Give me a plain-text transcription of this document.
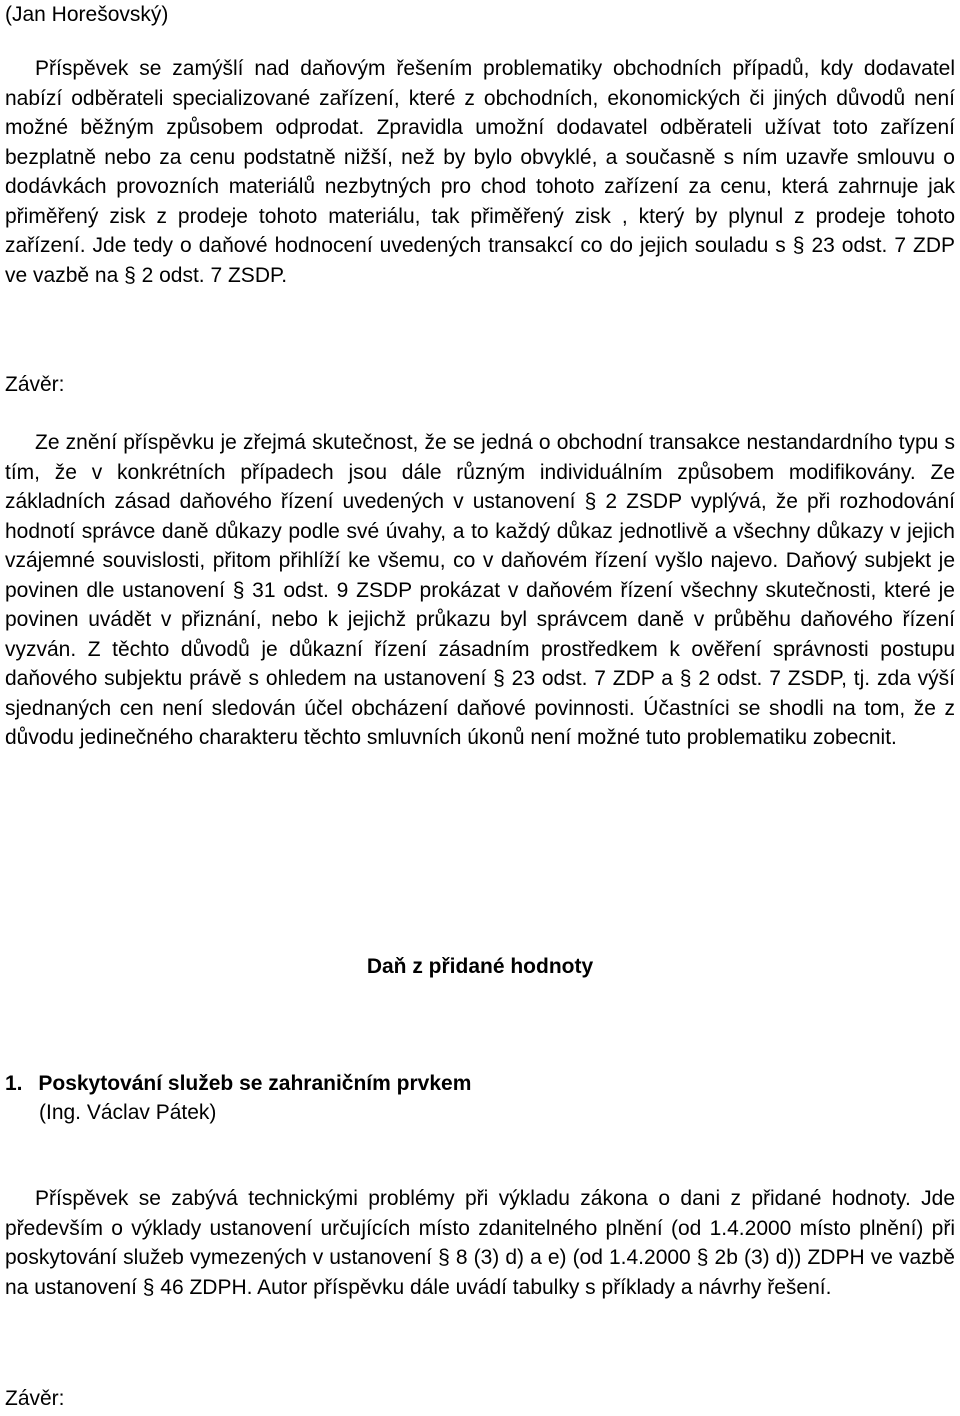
(Jan Horešovský)
Příspěvek se zamýšlí nad daňovým řešením problematiky obchodních případů, kdy dodavatel nabízí odběrateli specializované zařízení, které z obchodních, ekonomických či jiných důvodů není možné běžným způsobem odprodat. Zpravidla umožní dodavatel odběrateli užívat toto zařízení bezplatně nebo za cenu podstatně nižší, než by bylo obvyklé, a současně s ním uzavře smlouvu o dodávkách provozních materiálů nezbytných pro chod tohoto zařízení za cenu, která zahrnuje jak přiměřený zisk z prodeje tohoto materiálu, tak přiměřený zisk , který by plynul z prodeje tohoto zařízení. Jde tedy o daňové hodnocení uvedených transakcí co do jejich souladu s § 23 odst. 7 ZDP ve vazbě na § 2 odst. 7 ZSDP.
Závěr:
Ze znění příspěvku je zřejmá skutečnost, že se jedná o obchodní transakce nestandardního typu s tím, že v konkrétních případech jsou dále různým individuálním způsobem modifikovány. Ze základních zásad daňového řízení uvedených v ustanovení § 2 ZSDP vyplývá, že při rozhodování hodnotí správce daně důkazy podle své úvahy, a to každý důkaz jednotlivě a všechny důkazy v jejich vzájemné souvislosti, přitom přihlíží ke všemu, co v daňovém řízení vyšlo najevo. Daňový subjekt je povinen dle ustanovení § 31 odst. 9 ZSDP prokázat v daňovém řízení všechny skutečnosti, které je povinen uvádět v přiznání, nebo k jejichž průkazu byl správcem daně v průběhu daňového řízení vyzván. Z těchto důvodů je důkazní řízení zásadním prostředkem k ověření správnosti postupu daňového subjektu právě s ohledem na ustanovení § 23 odst. 7 ZDP a § 2 odst. 7 ZSDP, tj. zda výší sjednaných cen není sledován účel obcházení daňové povinnosti. Účastníci se shodli na tom, že z důvodu jedinečného charakteru těchto smluvních úkonů není možné tuto problematiku zobecnit.
Daň z přidané hodnoty
1. Poskytování služeb se zahraničním prvkem
(Ing. Václav Pátek)
Příspěvek se zabývá technickými problémy při výkladu zákona o dani z přidané hodnoty. Jde především o výklady ustanovení určujících místo zdanitelného plnění (od 1.4.2000 místo plnění) při poskytování služeb vymezených v ustanovení § 8 (3) d) a e) (od 1.4.2000 § 2b (3) d)) ZDPH ve vazbě na ustanovení § 46 ZDPH. Autor příspěvku dále uvádí tabulky s příklady a návrhy řešení.
Závěr:
